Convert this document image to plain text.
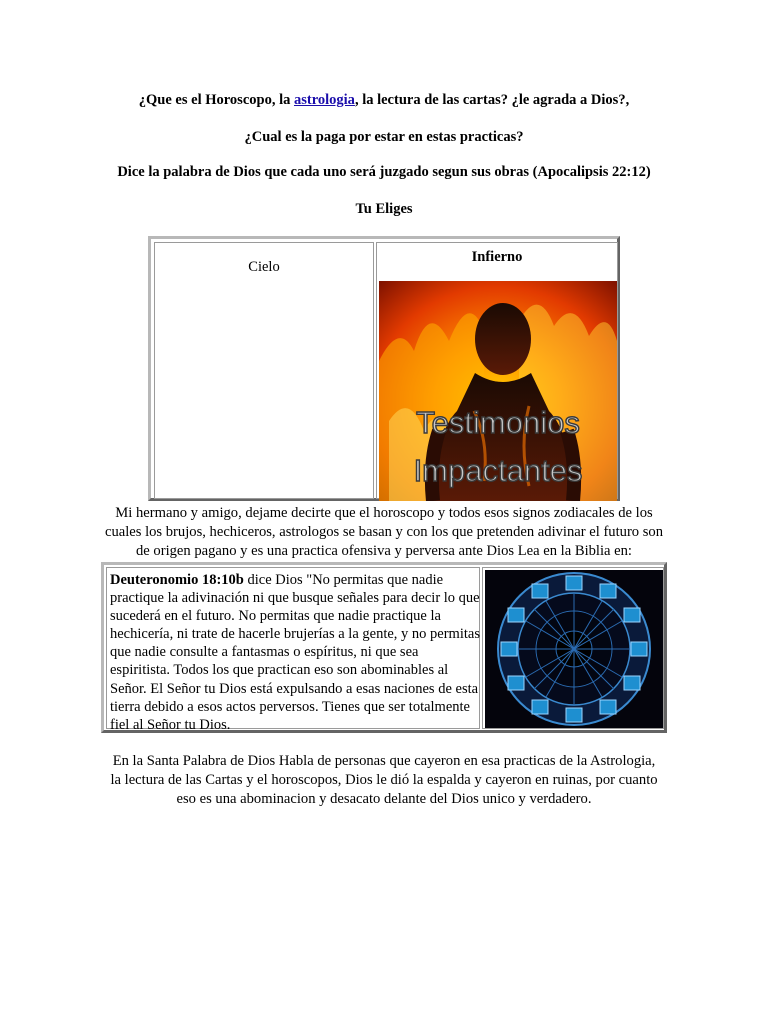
¿Que es el Horoscopo, la astrologia, la lectura de las cartas? ¿le agrada a Dios?,
¿Cual es la paga por estar en estas practicas?
Dice la palabra de Dios que cada uno será juzgado segun sus obras (Apocalipsis 22:12)
Tu Eliges
Cielo
Infierno
Testimonios
Impactantes
Mi hermano y amigo, dejame decirte que el horoscopo y todos esos signos zodiacales de los cuales los brujos, hechiceros, astrologos se basan y con los que pretenden adivinar el futuro son de origen pagano y es una practica ofensiva y perversa ante Dios Lea en la Biblia en:
Deuteronomio 18:10b dice Dios "No permitas que nadie practique la adivinación ni que busque señales para decir lo que sucederá en el futuro. No permitas que nadie practique la hechicería, ni trate de hacerle brujerías a la gente, y no permitas que nadie consulte a fantasmas o espíritus, ni que sea espiritista. Todos los que practican eso son abominables al Señor. El Señor tu Dios está expulsando a esas naciones de esta tierra debido a esos actos perversos. Tienes que ser totalmente fiel al Señor tu Dios.
En la Santa Palabra de Dios Habla de personas que cayeron en esa practicas de la Astrologia, la lectura de las Cartas y el horoscopos, Dios le dió la espalda y cayeron en ruinas, por cuanto eso es una abominacion y desacato delante del Dios unico y verdadero.
